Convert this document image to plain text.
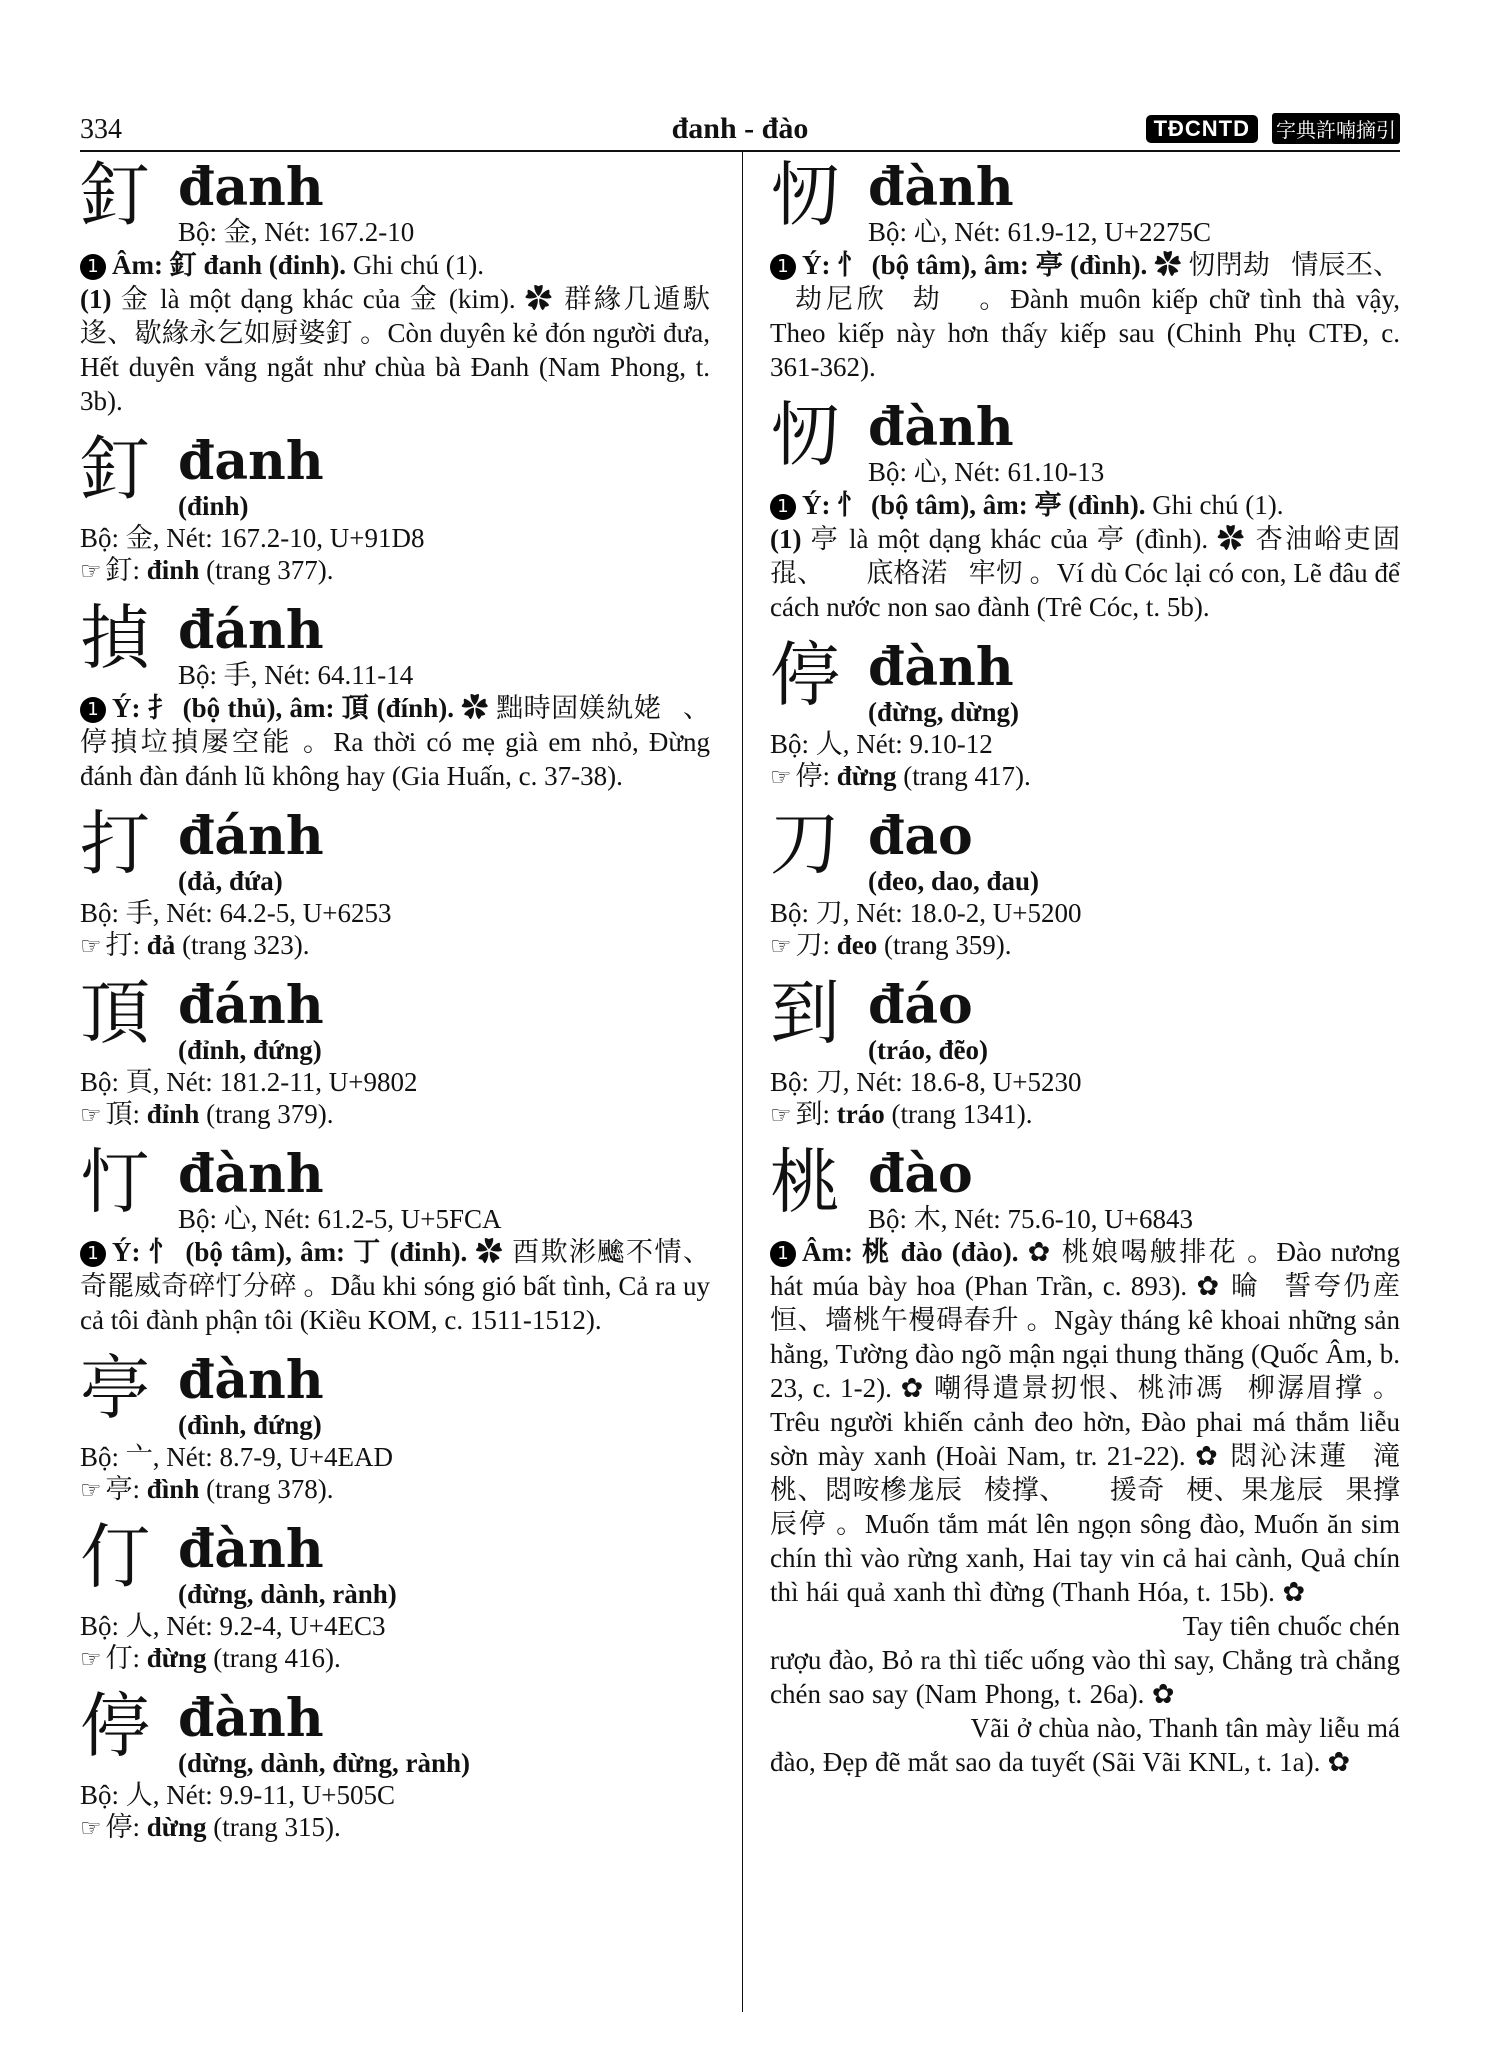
334	đanh - đào	TĐCNTD	字典許喃摘引
釘 đanh
Bộ: 金, Nét: 167.2-10
1 Âm: 釘 đanh (đinh). Ghi chú (1).
(1) 金 là một dạng khác của 金 (kim). ✿ 群緣几遁馱迻、歇緣永乞如厨婆釘 。Còn duyên kẻ đón người đưa, Hết duyên vắng ngắt như chùa bà Đanh (Nam Phong, t. 3b).
釘 đanh
(đinh)
Bộ: 金, Nét: 167.2-10, U+91D8
☞ 釘: đinh (trang 377).
揁 đánh
Bộ: 手, Nét: 64.11-14
1 Ý: 扌 (bộ thủ), âm: 頂 (đính). ✿ 黜時固媄䊵姥𤞻、停揁垃揁屡空能 。Ra thời có mẹ già em nhỏ, Đừng đánh đàn đánh lũ không hay (Gia Huấn, c. 37-38).
打 đánh
(đả, đứa)
Bộ: 手, Nét: 64.2-5, U+6253
☞ 打: đả (trang 323).
頂 đánh
(đỉnh, đứng)
Bộ: 頁, Nét: 181.2-11, U+9802
☞ 頂: đỉnh (trang 379).
忊 đành
Bộ: 心, Nét: 61.2-5, U+5FCA
1 Ý: 忄 (bộ tâm), âm: 丁 (đinh). ✿ 酉欺涁𩙍不情、奇罷威奇碎忊分碎 。Dẫu khi sóng gió bất tình, Cả ra uy cả tôi đành phận tôi (Kiều KOM, c. 1511-1512).
亭 đành
(đình, đứng)
Bộ: 亠, Nét: 8.7-9, U+4EAD
☞ 亭: đình (trang 378).
仃 đành
(đừng, dành, rành)
Bộ: 人, Nét: 9.2-4, U+4EC3
☞ 仃: đừng (trang 416).
停 đành
(dừng, dành, đừng, rành)
Bộ: 人, Nét: 9.9-11, U+505C
☞ 停: dừng (trang 315).
㣼 đành
Bộ: 心, Nét: 61.9-12, U+2275C
1 Ý: 忄 (bộ tâm), âm: 亭 (đình). ✿ 㣼閅劫𡗉情辰丕、𧿨劫尼欣𧡊劫𢖀 。Đành muôn kiếp chữ tình thà vậy, Theo kiếp này hơn thấy kiếp sau (Chinh Phụ CTĐ, c. 361-362).
㣼 đành
Bộ: 心, Nét: 61.10-13
1 Ý: 忄 (bộ tâm), âm: 亭 (đình). Ghi chú (1).
(1) 亭 là một dạng khác của 亭 (đình). ✿ 杏油峪吏固𡥵、𨤔𡏦底格渃𡽫牢㣼 。Ví dù Cóc lại có con, Lẽ đâu để cách nước non sao đành (Trê Cóc, t. 5b).
停 đành
(đừng, dừng)
Bộ: 人, Nét: 9.10-12
☞ 停: đừng (trang 417).
刀 đao
(đeo, dao, đau)
Bộ: 刀, Nét: 18.0-2, U+5200
☞ 刀: đeo (trang 359).
到 đáo
(tráo, đẽo)
Bộ: 刀, Nét: 18.6-8, U+5230
☞ 到: tráo (trang 1341).
桃 đào
Bộ: 木, Nét: 75.6-10, U+6843
1 Âm: 桃 đào (đào). ✿ 桃娘喝𦨭排花 。Đào nương hát múa bày hoa (Phan Trần, c. 893). ✿ 㫻𦝄誓夸仍産恒、墻桃午槾碍春升 。Ngày tháng kê khoai những sản hằng, Tường đào ngõ mận ngại thung thăng (Quốc Âm, b. 23, c. 1-2). ✿ 嘲得遣景扨恨、桃沛馮𦹳柳潺眉撑 。Trêu người khiến cảnh đeo hờn, Đào phai má thắm liễu sờn mày xanh (Hoài Nam, tr. 21-22). ✿ 悶沁沫蓮𦹵滝桃、悶咹槮尨辰𠇍棱撑、𠄩𢬣援奇𠄩梗、果尨辰𢯦果撑辰停 。Muốn tắm mát lên ngọn sông đào, Muốn ăn sim chín thì vào rừng xanh, Hai tay vin cả hai cành, Quả chín thì hái quả xanh thì đừng (Thanh Hóa, t. 15b). ✿ 𢬣仙祝𠯇醄桃、補罷辰惜旺𠇍辰醝、庄𠀧庄𠯇牢醝 。Tay tiên chuốc chén rượu đào, Bỏ ra thì tiếc uống vào thì say, Chẳng trà chẳng chén sao say (Nam Phong, t. 26a). ✿ 𡛔於厨市、清新眉柳馮桃、𢢯悌相牢𦝄雪 。Vãi ở chùa nào, Thanh tân mày liễu má đào, Đẹp đẽ mắt sao da tuyết (Sãi Vãi KNL, t. 1a). ✿ 𩈘𢜝𢞂𧡊𡾵𩀳邊
